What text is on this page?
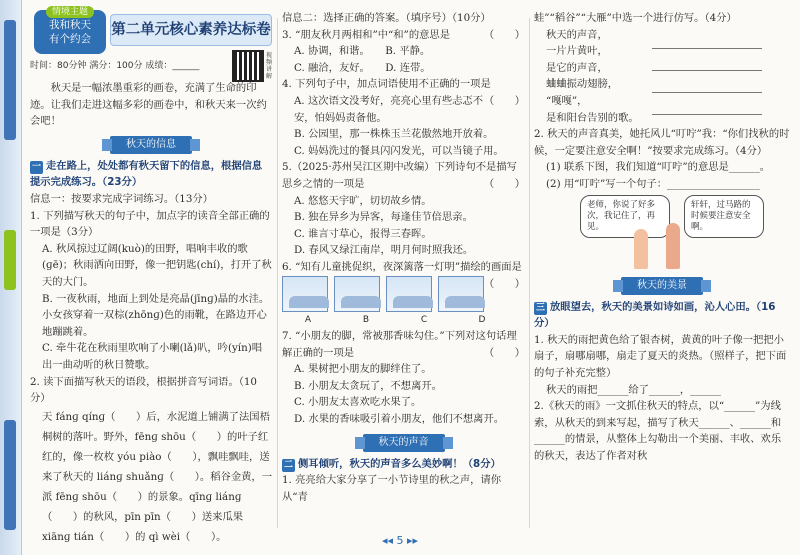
情境主题
我和秋天
有个约会
第二单元核心素养达标卷
时间：80分钟 满分：100分 成绩：______
视频讲解

秋天是一幅浓墨重彩的画卷，充满了生命的印迹。让我们走进这幅多彩的画卷中，和秋天来一次约会吧！

秋天的信息

一 走在路上，处处都有秋天留下的信息，根据信息提示完成练习。（23分）

信息一：按要求完成字词练习。（13分）

1. 下列描写秋天的句子中，加点字的读音全部正确的一项是（3分）

A. 秋风掠过辽阔(kuò)的田野，唱响丰收的歌(ɡē)；秋雨洒向田野，像一把钥匙(chí)，打开了秋天的大门。

B. 一夜秋雨，地面上到处是亮晶(jīnɡ)晶的水洼。小女孩穿着一双棕(zhōnɡ)色的雨靴，在路边开心地蹦跳着。

C. 牵牛花在秋雨里吹响了小喇(lǎ)叭，吟(yín)唱出一曲动听的秋日赞歌。

2. 读下面描写秋天的语段，根据拼音写词语。（10分）

天 fánɡ qínɡ（　　）后，水泥道上铺满了法国梧桐树的落叶。野外，fēnɡ shōu（　　）的叶子红红的，像一枚枚 yóu piào（　　），飘哇飘哇，送来了秋天的 liánɡ shuǎnɡ（　　）。稻谷金黄，一派 fēnɡ shōu（　　）的景象。qīnɡ liánɡ（　　）的秋风，pīn pīn（　　）送来瓜果 xiānɡ tián（　　）的 qì wèi（　　）。

信息二：选择正确的答案。（填序号）（10分）

3. “朋友秋月两相和”中“和”的意思是	（　　）

A. 协调，和谐。　　B. 平静。
C. 融洽，友好。　　D. 连带。

4. 下列句子中，加点词语使用不正确的一项是
（　　）

A. 这次语文没考好，亮亮心里有些忐忑不安，怕妈妈责备他。

B. 公园里，那一株株玉兰花傲然地开放着。

C. 妈妈洗过的餐具闪闪发光，可以当镜子用。

5.（2025·苏州吴江区期中改编）下列诗句不是描写思乡之情的一项是	（　　）

A. 悠悠天宇旷，切切故乡情。
B. 独在异乡为异客，每逢佳节倍思亲。
C. 谁言寸草心，报得三春晖。
D. 春风又绿江南岸，明月何时照我还。

6. “知有儿童挑促织，夜深篱落一灯明”描绘的画面是
（　　）

A	B	C	D

7. “小朋友的脚，常被那香味勾住。”下列对这句话理解正确的一项是	（　　）

A. 果树把小朋友的脚绊住了。
B. 小朋友太贪玩了，不想离开。
C. 小朋友太喜欢吃水果了。
D. 水果的香味吸引着小朋友，他们不想离开。

秋天的声音

二 侧耳倾听，秋天的声音多么美妙啊！（8分）

1. 亮亮给大家分享了一小节诗里的秋之声，请你从“青

蛙”“稻谷”“大雁”中选一个进行仿写。（4分）

秋天的声音，

一片片黄叶，

是它的声音，

蛐蛐振动翅膀，

“嘎嘎”，

是和阳台告别的歌。

2. 秋天的声音真美，她托风儿“叮咛”我：“你们找秋的时候，一定要注意安全啊！”按要求完成练习。（4分）

(1) 联系下图，我们知道“叮咛”的意思是______。

(2) 用“叮咛”写一个句子：__________________

老师，你说了好多次，我记住了，再见。
轩轩，过马路的时候要注意安全啊。
秋天的美景

三 放眼望去，秋天的美景如诗如画，沁人心田。（16分）

1. 秋天的雨把黄色给了银杏树，黄黄的叶子像一把把小扇子，扇哪扇哪，扇走了夏天的炎热。（照样子，把下面的句子补充完整）

秋天的雨把______给了______，______

2.《秋天的雨》一文抓住秋天的特点，以“______”为线索，从秋天的到来写起，描写了秋天______、______和______的情景，从整体上勾勒出一个美丽、丰收、欢乐的秋天，表达了作者对秋

◂◂ 5 ▸▸
